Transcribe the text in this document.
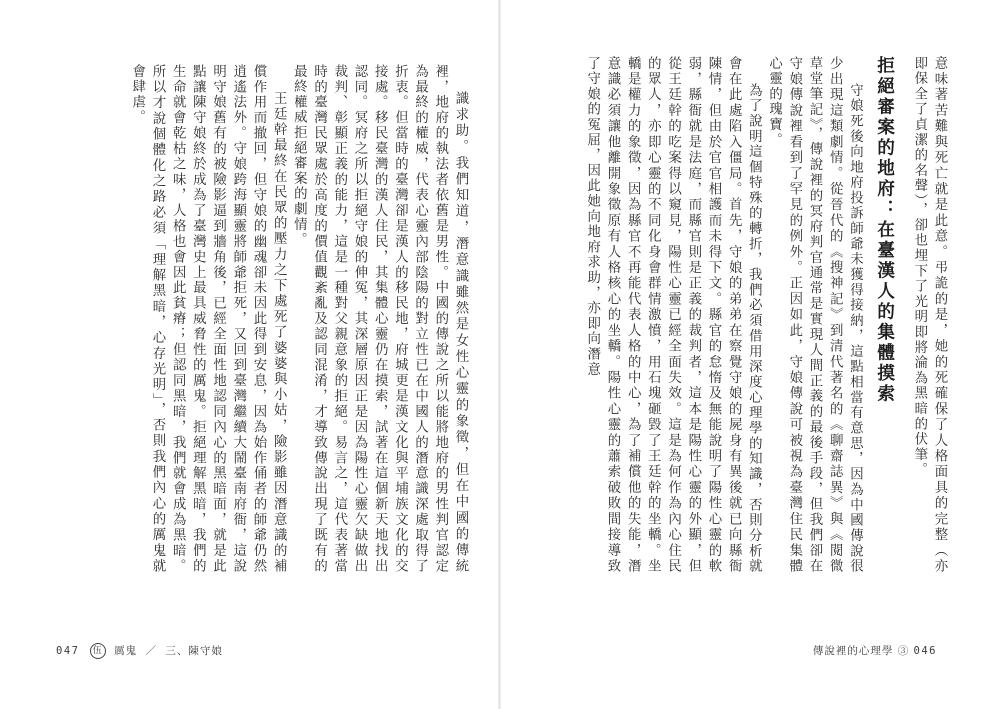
識求助。我們知道，潛意識雖然是女性心靈的象徵，但在中國的傳統裡，地府的執法者依舊是男性。中國的傳說之所以能將地府的男性判官認定為最終的權威，代表心靈內部陰陽的對立性已在中國人的潛意識深處取得了折衷。但當時的臺灣卻是漢人的移民地，府城更是漢文化與平埔族文化的交接處。移民臺灣的漢人住民，其集體心靈仍在摸索，試著在這個新天地找出認同。冥府之所以拒絕守娘的伸冤，其深層原因正是因為陽性心靈欠缺做出裁判、彰顯正義的能力，這是一種對父親意象的拒絕。易言之，這代表著當時的臺灣民眾處於高度的價值觀紊亂及認同混淆，才導致傳說出現了既有的最終權威拒絕審案的劇情。

王廷幹最終在民眾的壓力之下處死了婆婆與小姑，險影雖因潛意識的補償作用而撤回，但守娘的幽魂卻未因此得到安息，因為始作俑者的師爺仍然逍遙法外。守娘跨海顯靈將師爺拒死，又回到臺灣繼續大鬧臺南府衙，這說明守娘舊有的被險影逼到牆角後，已經全面性地認同內心的黑暗面，就是此點讓陳守娘終於成為了臺灣史上最具威脅性的厲鬼。拒絕理解黑暗，我們的生命就會乾枯之味，人格也會因此貧瘠；但認同黑暗，我們就會成為黑暗。所以才說個體化之路必須「理解黑暗，心存光明」，否則我們內心的厲鬼就會肆虐。

047 伍 厲鬼 ／ 三、陳守娘

意味著苦難與死亡就是此意。弔詭的是，她的死確保了人格面具的完整（亦即保全了貞潔的名聲），卻也埋下了光明即將淪為黑暗的伏筆。

拒絕審案的地府：在臺漢人的集體摸索

守娘死後向地府投訴師爺未獲得接納，這點相當有意思，因為中國傳說很少出現這類劇情。從晉代的《搜神記》到清代著名的《聊齋誌異》與《閱微草堂筆記》，傳說裡的冥府判官通常是實現人間正義的最後手段，但我們卻在守娘傳說裡看到了罕見的例外。正因如此，守娘傳說可被視為臺灣住民集體心靈的瑰寶。

為了說明這個特殊的轉折，我們必須借用深度心理學的知識，否則分析就會在此處陷入僵局。首先，守娘的弟弟在察覺守娘的屍身有異後就已向縣衙陳情，但由於官官相護而未得下文。縣官的怠惰及無能說明了陽性心靈的軟弱，縣衙就是法庭，而縣官則是正義的裁判者，這本是陽性心靈的外顯，但從王廷幹的吃案得以窺見，陽性心靈已經全面失效。這是為何作為內心住民的眾人，亦即心靈的不同化身會群情激憤，用石塊砸毀了王廷幹的坐轎。坐轎是權力的象徵，因為縣官不再能代表人格的中心，為了補償他的失能，潛意識必須讓他離開象徵原有人格核心的坐轎。陽性心靈的蕭索破敗間接導致了守娘的冤屈，因此她向地府求助，亦即向潛意

傳說裡的心理學 ③ 046
